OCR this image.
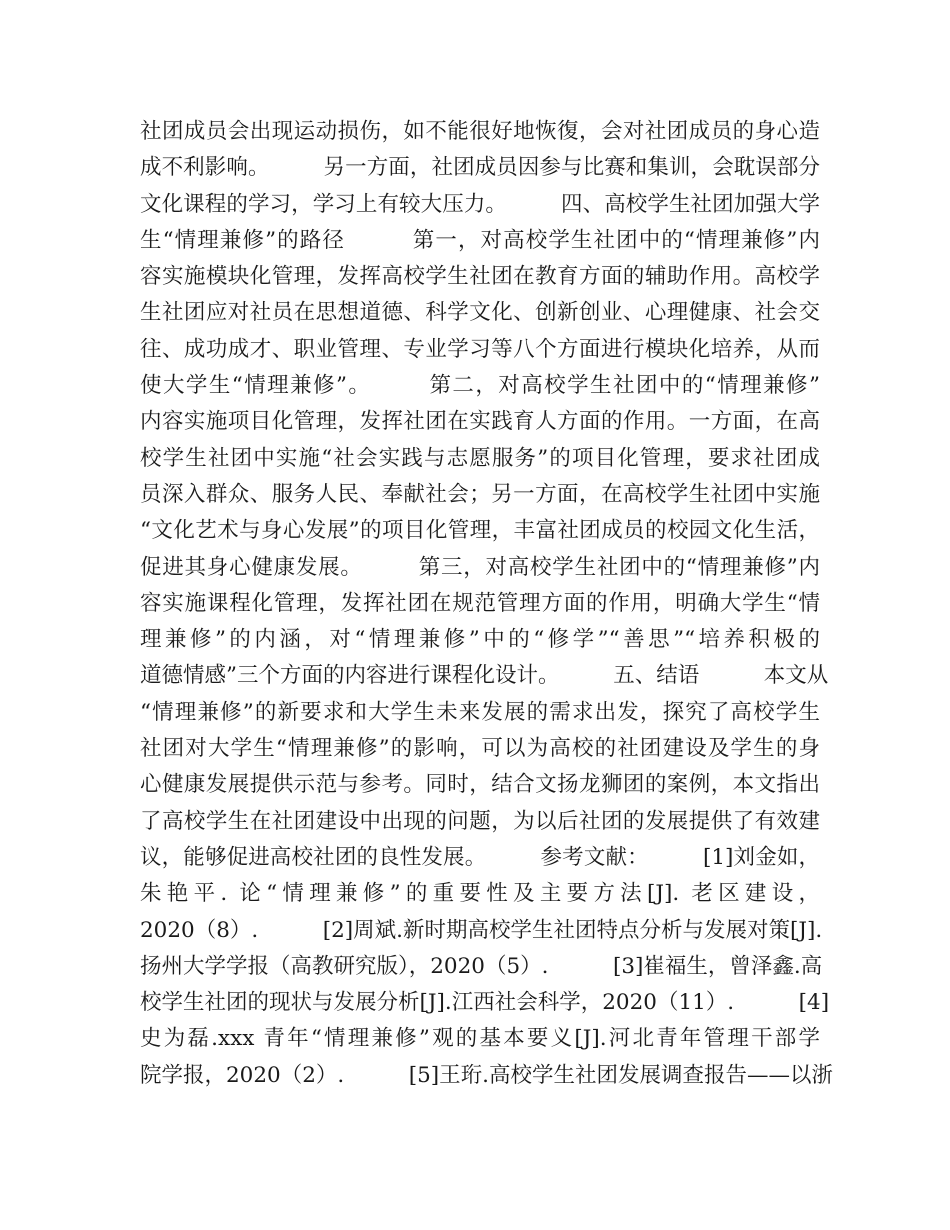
社团成员会出现运动损伤，如不能很好地恢復，会对社团成员的身心造
成不利影响。　　　另一方面，社团成员因参与比赛和集训，会耽误部分
文化课程的学习，学习上有较大压力。　　　四、高校学生社团加强大学
生“情理兼修”的路径　　　第一，对高校学生社团中的“情理兼修”内
容实施模块化管理，发挥高校学生社团在教育方面的辅助作用。高校学
生社团应对社员在思想道德、科学文化、创新创业、心理健康、社会交
往、成功成才、职业管理、专业学习等八个方面进行模块化培养，从而
使大学生“情理兼修”。　　　第二，对高校学生社团中的“情理兼修”
内容实施项目化管理，发挥社团在实践育人方面的作用。一方面，在高
校学生社团中实施“社会实践与志愿服务”的项目化管理，要求社团成
员深入群众、服务人民、奉献社会；另一方面，在高校学生社团中实施
“文化艺术与身心发展”的项目化管理，丰富社团成员的校园文化生活，
促进其身心健康发展。　　　第三，对高校学生社团中的“情理兼修”内
容实施课程化管理，发挥社团在规范管理方面的作用，明确大学生“情
理兼修”的内涵，对“情理兼修”中的“修学”“善思”“培养积极的
道德情感”三个方面的内容进行课程化设计。　　　五、结语　　　本文从
“情理兼修”的新要求和大学生未来发展的需求出发，探究了高校学生
社团对大学生“情理兼修”的影响，可以为高校的社团建设及学生的身
心健康发展提供示范与参考。同时，结合文扬龙狮团的案例，本文指出
了高校学生在社团建设中出现的问题，为以后社团的发展提供了有效建
议，能够促进高校社团的良性发展。　　　参考文献：　　　[1]刘金如，
朱艳平. 论“情理兼修”的重要性及主要方法[J]. 老区建设，
2020（8）.　　　[2]周斌.新时期高校学生社团特点分析与发展对策[J].
扬州大学学报（高教研究版），2020（5）.　　　[3]崔福生，曾泽鑫.高
校学生社团的现状与发展分析[J].江西社会科学，2020（11）.　　　[4]
史为磊.xxx 青年“情理兼修”观的基本要义[J].河北青年管理干部学
院学报，2020（2）.　　　[5]王珩.高校学生社团发展调查报告——以浙
